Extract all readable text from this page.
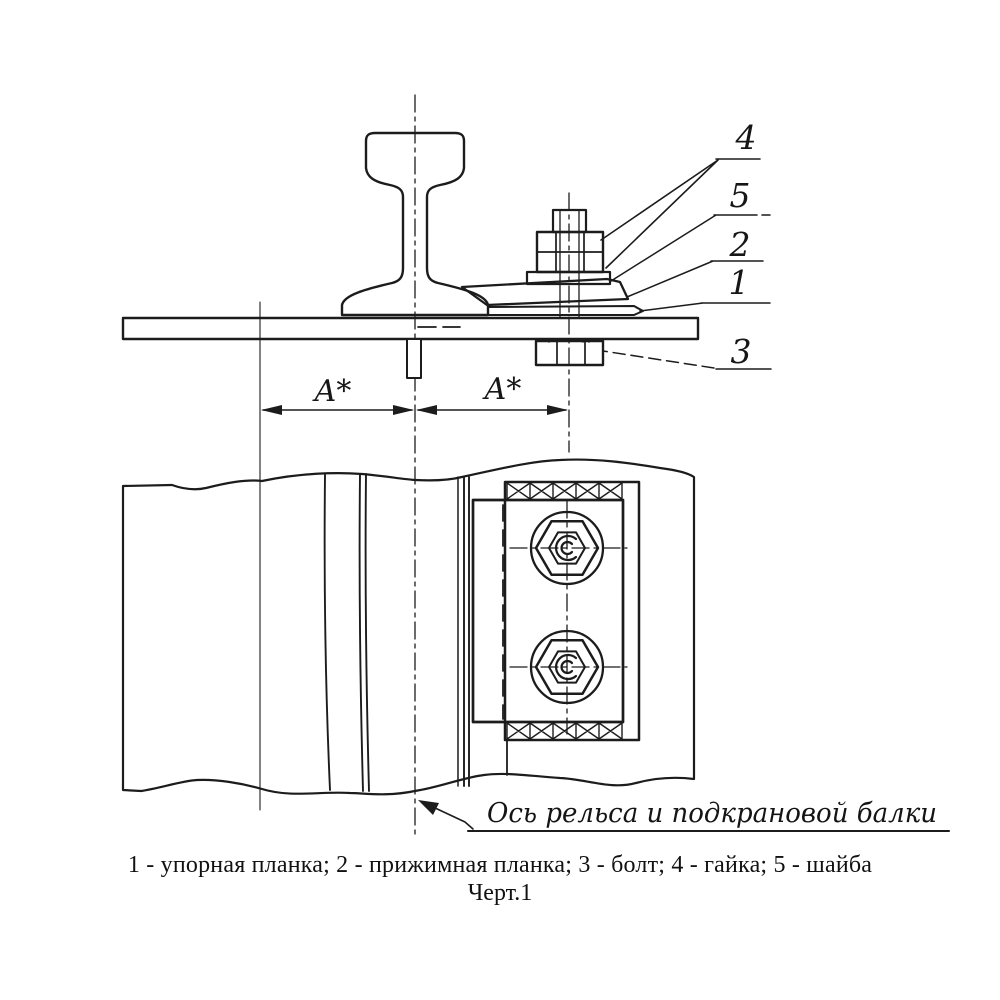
4
5
2
1
3
A*	A*
Ось рельса и подкрановой балки
1 - упорная планка; 2 - прижимная планка; 3 - болт; 4 - гайка; 5 - шайба
Черт.1
